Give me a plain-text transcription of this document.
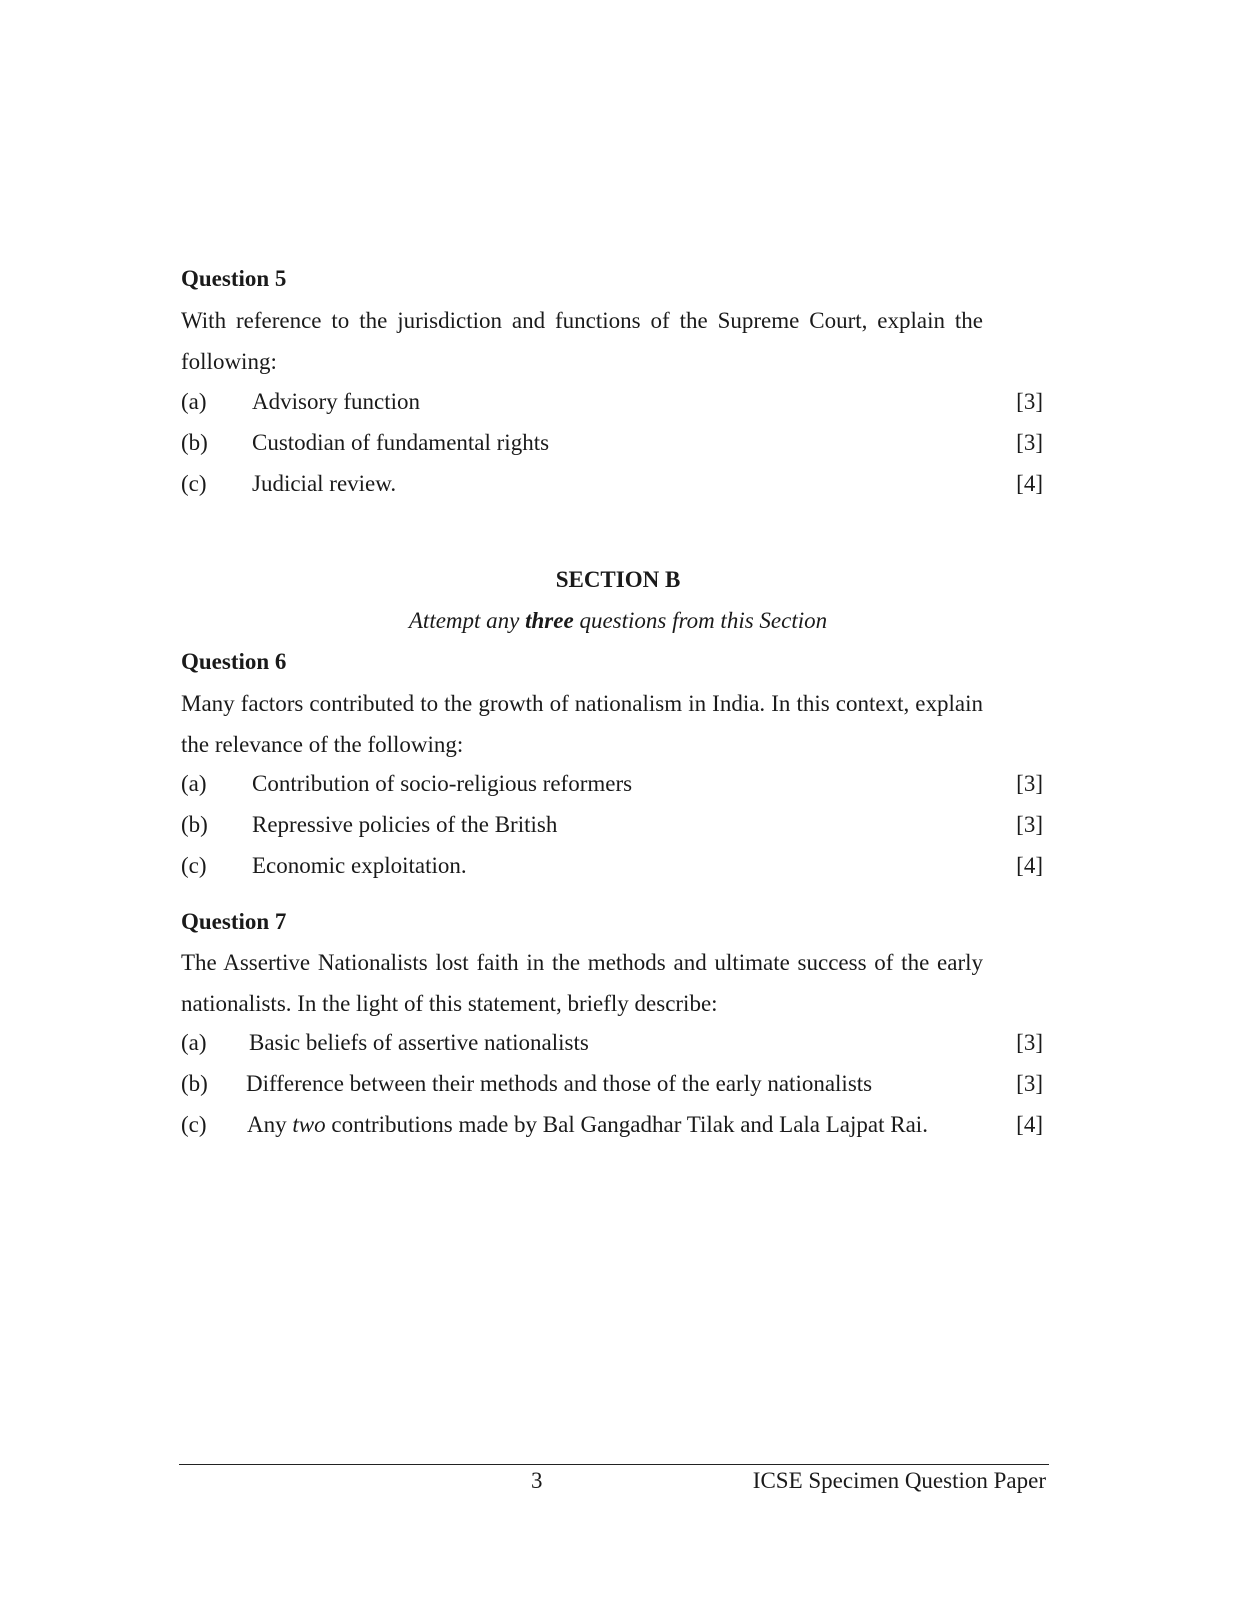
Question 5
With reference to the jurisdiction and functions of the Supreme Court, explain the following:
(a) Advisory function	[3]
(b) Custodian of fundamental rights	[3]
(c) Judicial review.	[4]
SECTION B
Attempt any three questions from this Section
Question 6
Many factors contributed to the growth of nationalism in India. In this context, explain the relevance of the following:
(a) Contribution of socio-religious reformers	[3]
(b) Repressive policies of the British	[3]
(c) Economic exploitation.	[4]
Question 7
The Assertive Nationalists lost faith in the methods and ultimate success of the early nationalists. In the light of this statement, briefly describe:
(a) Basic beliefs of assertive nationalists	[3]
(b) Difference between their methods and those of the early nationalists	[3]
(c) Any two contributions made by Bal Gangadhar Tilak and Lala Lajpat Rai.	[4]
3	ICSE Specimen Question Paper
